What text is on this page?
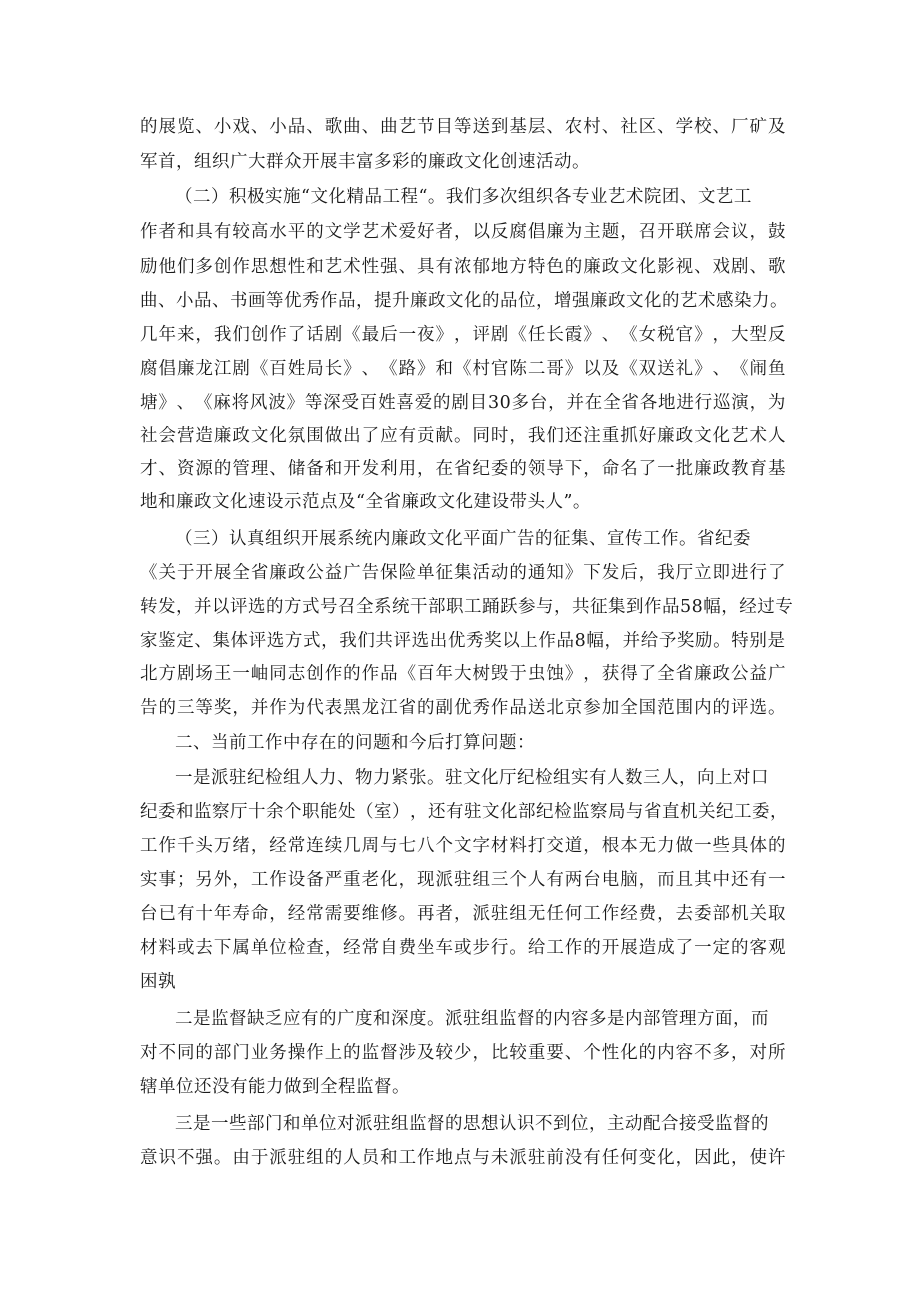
的 展 览 、 小 戏 、 小 品 、 歌 曲 、 曲 艺 节 目 等 送 到 基 层 、 农 村 、 社 区 、 学 校 、 厂 矿 及
军首，组织广大群众开展丰富多彩的廉政文化创速活动。
（二）积极实施“文化精品工程“。我们多次组织各专业艺术院团、文艺工
作 者 和 具 有 较 高 水 平 的 文 学 艺 术 爱 好 者 ， 以 反 腐 倡 廉 为 主 题 ， 召 开 联 席 会 议 ， 鼓
励 他 们 多 创 作 思 想 性 和 艺 术 性 强 、 具 有 浓 郁 地 方 特 色 的 廉 政 文 化 影 视 、 戏 剧 、 歌
曲 、 小 品 、 书 画 等 优 秀 作 品 ， 提 升 廉 政 文 化 的 品 位 ， 增 强 廉 政 文 化 的 艺 术 感 染 力 。
几 年 来 ， 我 们 创 作 了 话 剧 《 最 后 一 夜 》 ， 评 剧 《 任 长 霞 》 、 《 女 税 官 》 ， 大 型 反
腐 倡 廉 龙 江 剧 《 百 姓 局 长 》 、 《 路 》 和 《 村 官 陈 二 哥 》 以 及 《 双 送 礼 》 、 《 闹 鱼
塘 》 、 《 麻 将 风 波 》 等 深 受 百 姓 喜 爱 的 剧 目 30 多 台 ， 并 在 全 省 各 地 进 行 巡 演 ， 为
社 会 营 造 廉 政 文 化 氛 围 做 出 了 应 有 贡 献 。 同 时 ， 我 们 还 注 重 抓 好 廉 政 文 化 艺 术 人
才 、 资 源 的 管 理 、 储 备 和 开 发 利 用 ， 在 省 纪 委 的 领 导 下 ， 命 名 了 一 批 廉 政 教 育 基
地和廉政文化速设示范点及“全省廉政文化建设带头人”。
（三）认真组织开展系统内廉政文化平面广告的征集、宣传工作。省纪委
《 关 于 开 展 全 省 廉 政 公 益 广 告 保 险 单 征 集 活 动 的 通 知 》 下 发 后 ， 我 厅 立 即 进 行 了
转 发 ， 并 以 评 选 的 方 式 号 召 全 系 统 干 部 职 工 踊 跃 参 与 ， 共 征 集 到 作 品 58 幅 ， 经 过 专
家 鉴 定 、 集 体 评 选 方 式 ， 我 们 共 评 选 出 优 秀 奖 以 上 作 品 8 幅 ， 并 给 予 奖 励 。 特 别 是
北 方 剧 场 王 一 岫 同 志 创 作 的 作 品 《 百 年 大 树 毁 于 虫 蚀 》 ， 获 得 了 全 省 廉 政 公 益 广
告 的 三 等 奖 ， 并 作 为 代 表 黑 龙 江 省 的 副 优 秀 作 品 送 北 京 参 加 全 国 范 围 内 的 评 选 。
二、当前工作中存在的问题和今后打算问题：
一是派驻纪检组人力、物力紧张。驻文化厅纪检组实有人数三人，向上对口
纪 委 和 监 察 厅 十 余 个 职 能 处 （ 室 ） ， 还 有 驻 文 化 部 纪 检 监 察 局 与 省 直 机 关 纪 工 委 ，
工 作 千 头 万 绪 ， 经 常 连 续 几 周 与 七 八 个 文 字 材 料 打 交 道 ， 根 本 无 力 做 一 些 具 体 的
实 事 ； 另 外 ， 工 作 设 备 严 重 老 化 ， 现 派 驻 组 三 个 人 有 两 台 电 脑 ， 而 且 其 中 还 有 一
台 已 有 十 年 寿 命 ， 经 常 需 要 维 修 。 再 者 ， 派 驻 组 无 任 何 工 作 经 费 ， 去 委 部 机 关 取
材 料 或 去 下 属 单 位 检 查 ， 经 常 自 费 坐 车 或 步 行 。 给 工 作 的 开 展 造 成 了 一 定 的 客 观
困孰
二是监督缺乏应有的广度和深度。派驻组监督的内容多是内部管理方面，而
对 不 同 的 部 门 业 务 操 作 上 的 监 督 涉 及 较 少 ， 比 较 重 要 、 个 性 化 的 内 容 不 多 ， 对 所
辖单位还没有能力做到全程监督。
三是一些部门和单位对派驻组监督的思想认识不到位，主动配合接受监督的
意 识 不 强 。 由 于 派 驻 组 的 人 员 和 工 作 地 点 与 未 派 驻 前 没 有 任 何 变 化 ， 因 此 ， 使 许
